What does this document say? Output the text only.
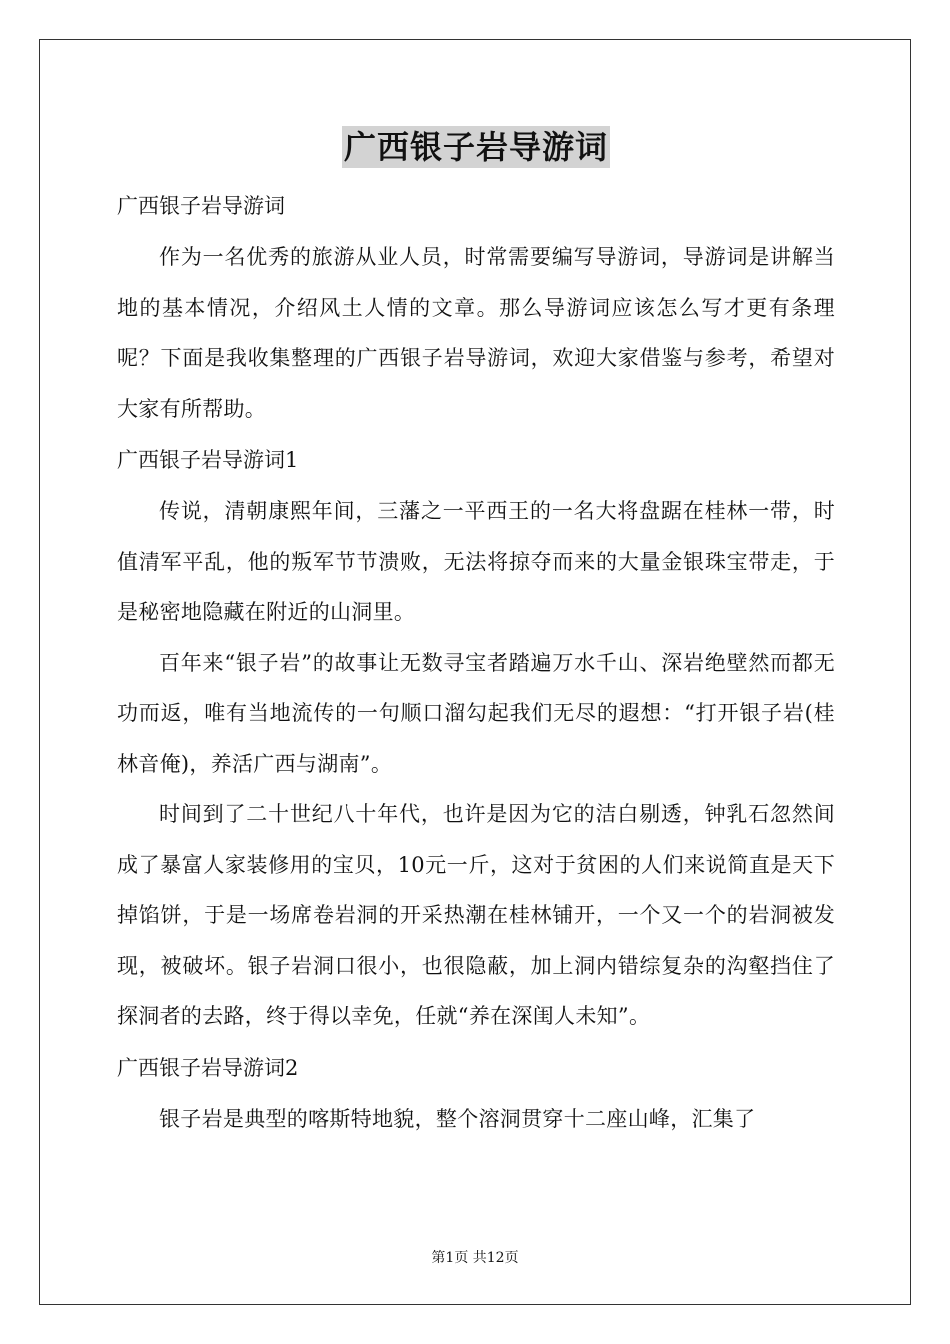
广西银子岩导游词

广西银子岩导游词

作为一名优秀的旅游从业人员，时常需要编写导游词，导游词是讲解当地的基本情况，介绍风土人情的文章。那么导游词应该怎么写才更有条理呢？下面是我收集整理的广西银子岩导游词，欢迎大家借鉴与参考，希望对大家有所帮助。

广西银子岩导游词1

传说，清朝康熙年间，三藩之一平西王的一名大将盘踞在桂林一带，时值清军平乱，他的叛军节节溃败，无法将掠夺而来的大量金银珠宝带走，于是秘密地隐藏在附近的山洞里。

百年来“银子岩”的故事让无数寻宝者踏遍万水千山、深岩绝壁然而都无功而返，唯有当地流传的一句顺口溜勾起我们无尽的遐想：“打开银子岩(桂林音俺)，养活广西与湖南”。

时间到了二十世纪八十年代，也许是因为它的洁白剔透，钟乳石忽然间成了暴富人家装修用的宝贝，10元一斤，这对于贫困的人们来说简直是天下掉馅饼，于是一场席卷岩洞的开采热潮在桂林铺开，一个又一个的岩洞被发现，被破坏。银子岩洞口很小，也很隐蔽，加上洞内错综复杂的沟壑挡住了探洞者的去路，终于得以幸免，任就“养在深闺人未知”。

广西银子岩导游词2

银子岩是典型的喀斯特地貌，整个溶洞贯穿十二座山峰，汇集了

第1页 共12页
